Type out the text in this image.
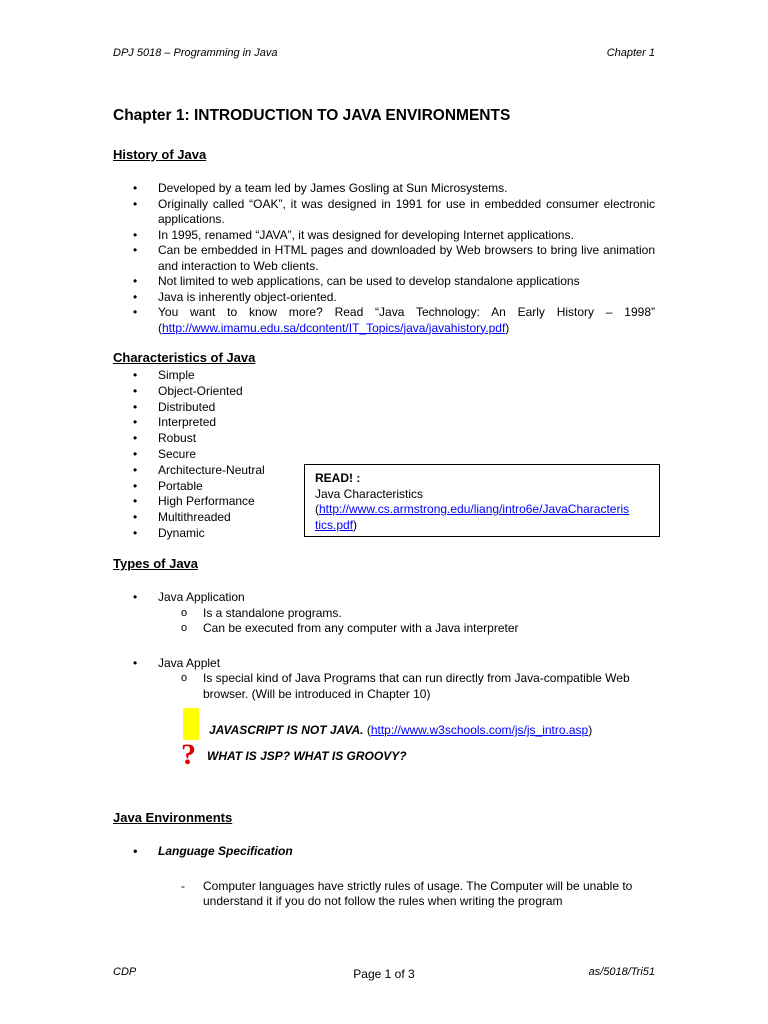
DPJ 5018 – Programming in Java	Chapter 1
Chapter 1: INTRODUCTION TO JAVA ENVIRONMENTS
History of Java
• Developed by a team led by James Gosling at Sun Microsystems.
• Originally called “OAK”, it was designed in 1991 for use in embedded consumer electronic applications.
• In 1995, renamed “JAVA”, it was designed for developing Internet applications.
• Can be embedded in HTML pages and downloaded by Web browsers to bring live animation and interaction to Web clients.
• Not limited to web applications, can be used to develop standalone applications
• Java is inherently object-oriented.
• You want to know more? Read “Java Technology: An Early History – 1998” (http://www.imamu.edu.sa/dcontent/IT_Topics/java/javahistory.pdf)
Characteristics of Java
• Simple
• Object-Oriented
• Distributed
• Interpreted
• Robust
• Secure
• Architecture-Neutral
• Portable
• High Performance
• Multithreaded
• Dynamic
READ! :
Java Characteristics
(http://www.cs.armstrong.edu/liang/intro6e/JavaCharacteris
tics.pdf)
Types of Java
• Java Application
o Is a standalone programs.
o Can be executed from any computer with a Java interpreter
• Java Applet
o Is special kind of Java Programs that can run directly from Java-compatible Web browser. (Will be introduced in Chapter 10)
?
JAVASCRIPT IS NOT JAVA. (http://www.w3schools.com/js/js_intro.asp)
WHAT IS JSP? WHAT IS GROOVY?
Java Environments
• Language Specification
- Computer languages have strictly rules of usage. The Computer will be unable to understand it if you do not follow the rules when writing the program
CDP	Page 1 of 3	as/5018/Tri51
